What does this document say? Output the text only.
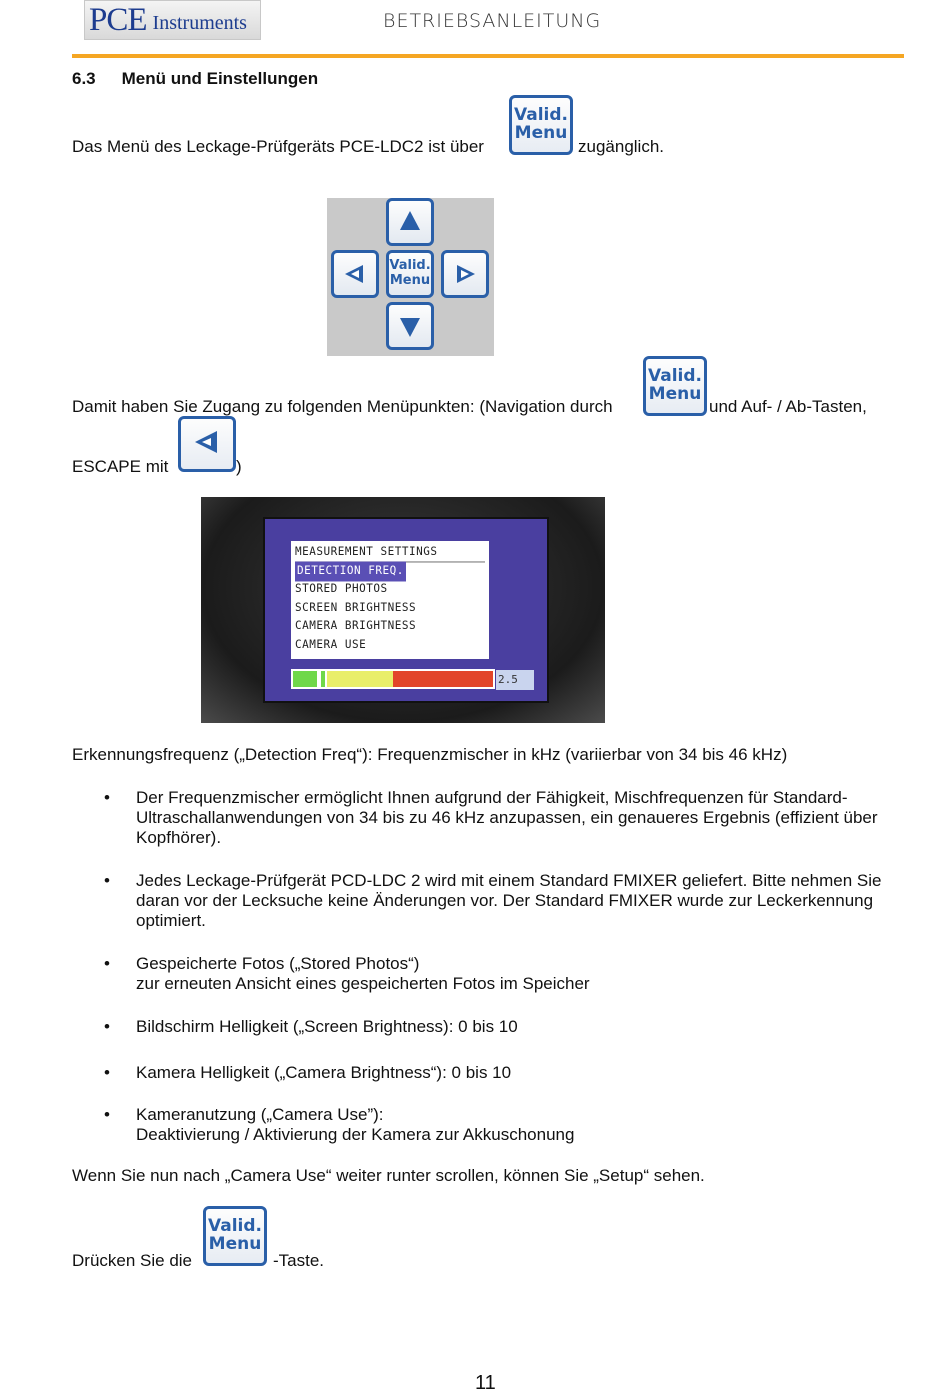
PCE Instruments	BETRIEBSANLEITUNG
6.3 Menü und Einstellungen
Das Menü des Leckage-Prüfgeräts PCE-LDC2 ist über
Valid.
Menu
zugänglich.
Valid.
Menu
Damit haben Sie Zugang zu folgenden Menüpunkten: (Navigation durch
Valid.
Menu
und Auf- / Ab-Tasten,
ESCAPE mit	)
MEASUREMENT SETTINGS
DETECTION FREQ.
STORED PHOTOS
SCREEN BRIGHTNESS
CAMERA BRIGHTNESS
CAMERA USE
2.5
Erkennungsfrequenz („Detection Freq“): Frequenzmischer in kHz (variierbar von 34 bis 46 kHz)
• Der Frequenzmischer ermöglicht Ihnen aufgrund der Fähigkeit, Mischfrequenzen für Standard-Ultraschallanwendungen von 34 bis zu 46 kHz anzupassen, ein genaueres Ergebnis (effizient über Kopfhörer).
• Jedes Leckage-Prüfgerät PCD-LDC 2 wird mit einem Standard FMIXER geliefert. Bitte nehmen Sie daran vor der Lecksuche keine Änderungen vor. Der Standard FMIXER wurde zur Leckerkennung optimiert.
• Gespeicherte Fotos („Stored Photos“)
zur erneuten Ansicht eines gespeicherten Fotos im Speicher
• Bildschirm Helligkeit („Screen Brightness): 0 bis 10
• Kamera Helligkeit („Camera Brightness“): 0 bis 10
• Kameranutzung („Camera Use”):
Deaktivierung / Aktivierung der Kamera zur Akkuschonung
Wenn Sie nun nach „Camera Use“ weiter runter scrollen, können Sie „Setup“ sehen.
Drücken Sie die
Valid.
Menu
-Taste.
11
